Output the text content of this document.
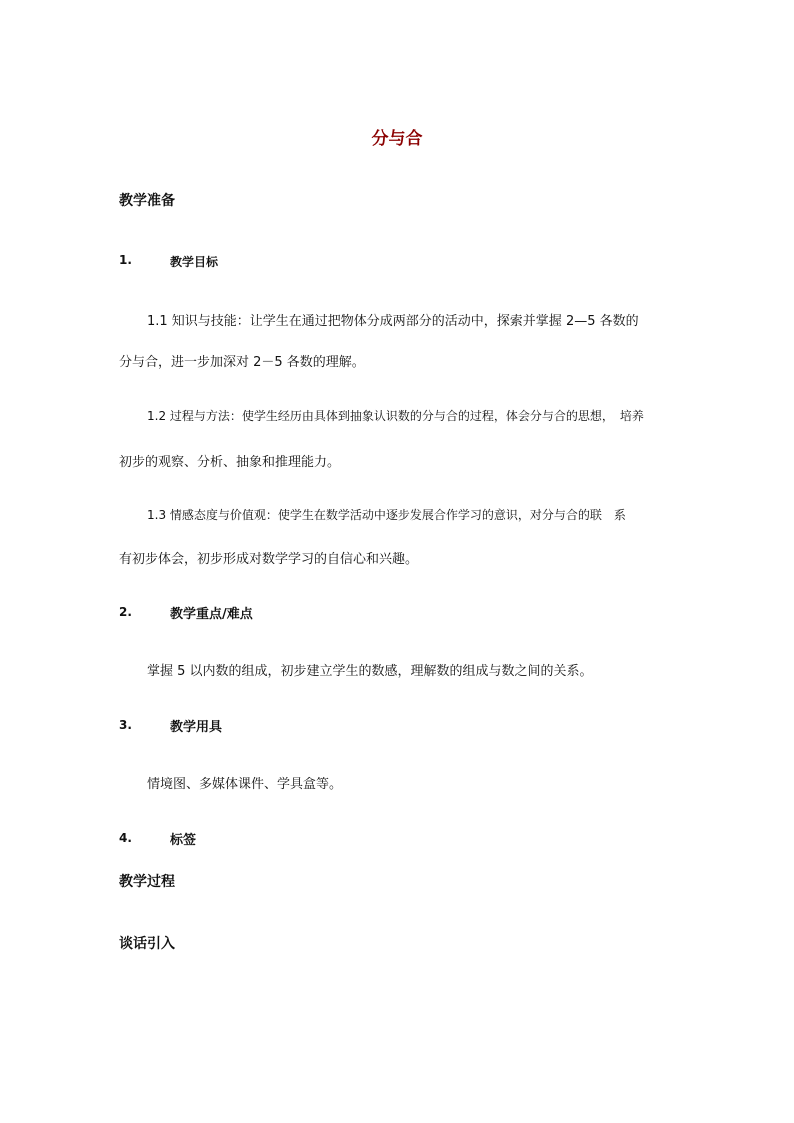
分与合
教学准备
1.	教学目标
1.1 知识与技能：让学生在通过把物体分成两部分的活动中，探索并掌握 2—5 各数的
分与合，进一步加深对 2－5 各数的理解。
1.2 过程与方法：使学生经历由具体到抽象认识数的分与合的过程，体会分与合的思想，　培养
初步的观察、分析、抽象和推理能力。
1.3 情感态度与价值观：使学生在数学活动中逐步发展合作学习的意识，对分与合的联　系
有初步体会，初步形成对数学学习的自信心和兴趣。
2.	教学重点/难点
掌握 5 以内数的组成，初步建立学生的数感，理解数的组成与数之间的关系。
3.	教学用具
情境图、多媒体课件、学具盒等。
4.	标签
教学过程
谈话引入
